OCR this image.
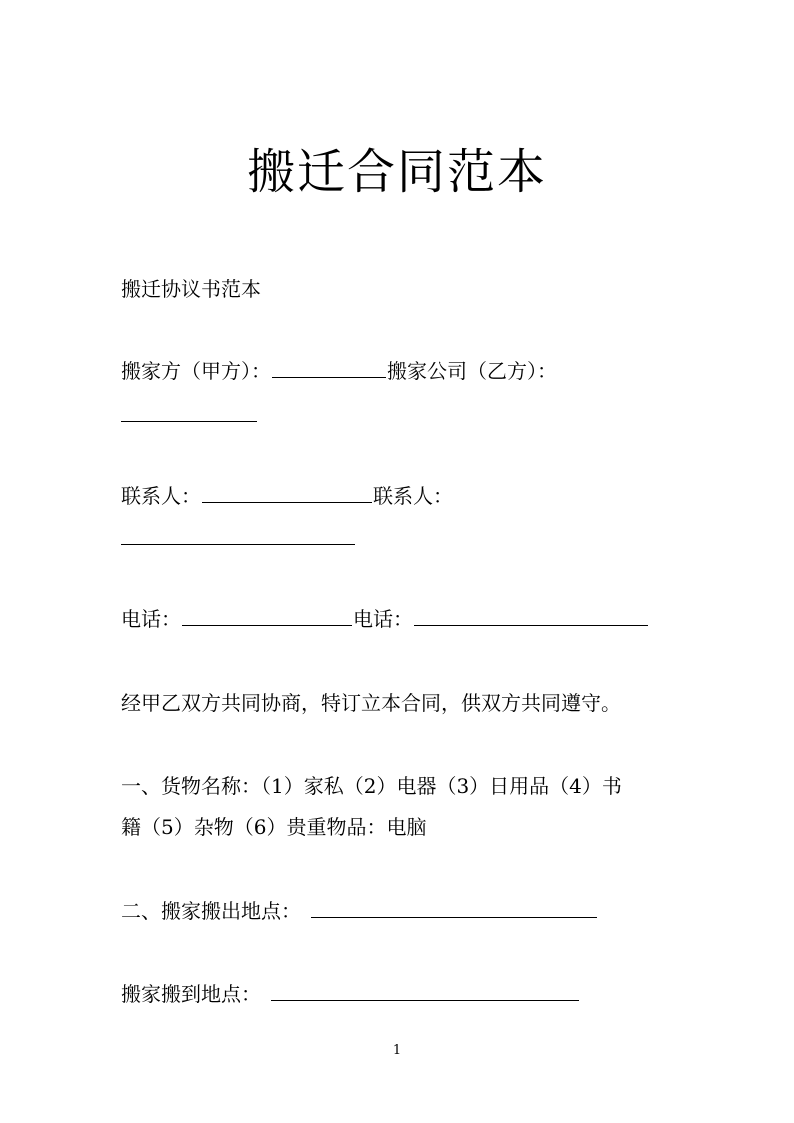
搬迁合同范本
搬迁协议书范本
搬家方（甲方）：	搬家公司（乙方）：
联系人：	联系人：
电话：	电话：
经甲乙双方共同协商，特订立本合同，供双方共同遵守。
一、货物名称：（1）家私（2）电器（3）日用品（4）书
籍（5）杂物（6）贵重物品：电脑
二、搬家搬出地点：
搬家搬到地点：
1
